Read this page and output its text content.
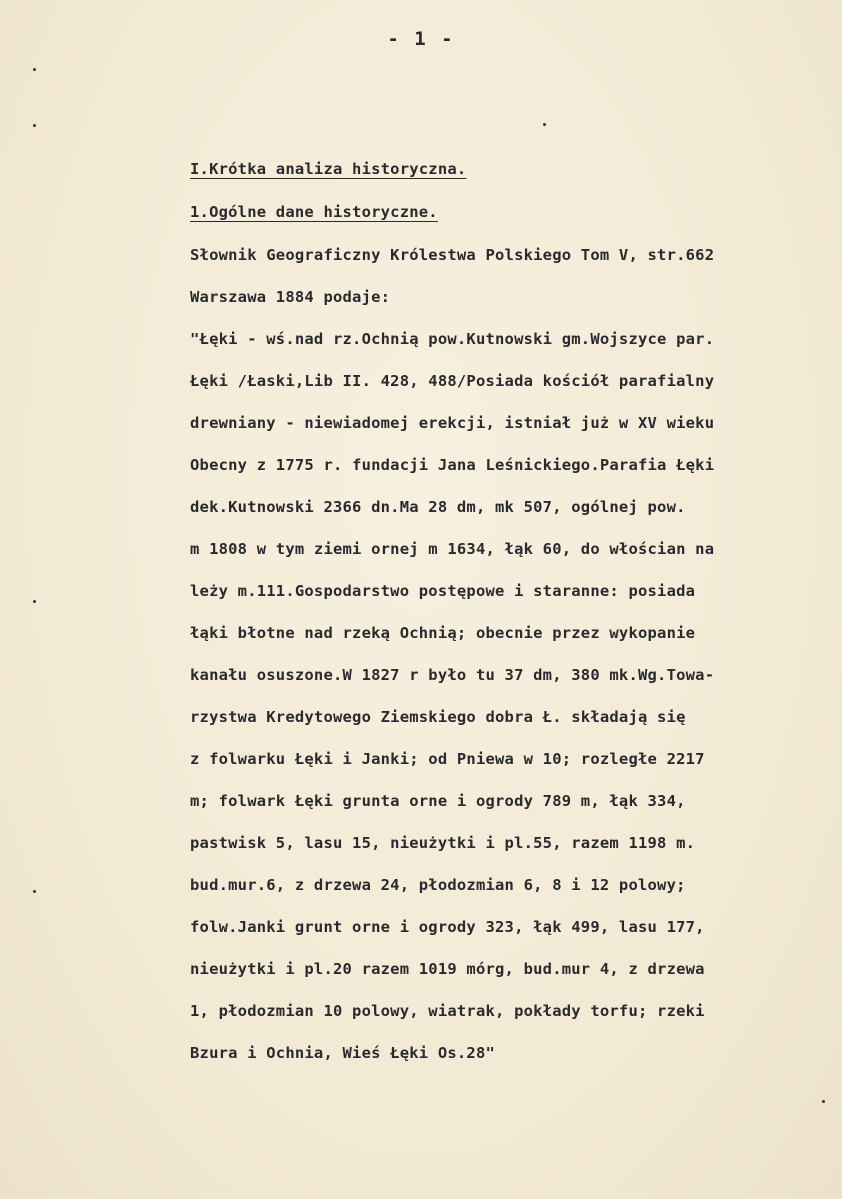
- 1 -
I.Krótka analiza historyczna.
1.Ogólne dane historyczne.
Słownik Geograficzny Królestwa Polskiego Tom V, str.662
Warszawa 1884 podaje:
"Łęki - wś.nad rz.Ochnią pow.Kutnowski gm.Wojszyce par.
Łęki /Łaski,Lib II. 428, 488/Posiada kościół parafialny
drewniany - niewiadomej erekcji, istniał już w XV wieku
Obecny z 1775 r. fundacji Jana Leśnickiego.Parafia Łęki
dek.Kutnowski 2366 dn.Ma 28 dm, mk 507, ogólnej pow.
m 1808 w tym ziemi ornej m 1634, łąk 60, do włościan na
leży m.111.Gospodarstwo postępowe i staranne: posiada
łąki błotne nad rzeką Ochnią; obecnie przez wykopanie
kanału osuszone.W 1827 r było tu 37 dm, 380 mk.Wg.Towa-
rzystwa Kredytowego Ziemskiego dobra Ł. składają się
z folwarku Łęki i Janki; od Pniewa w 10; rozległe 2217
m; folwark Łęki grunta orne i ogrody 789 m, łąk 334,
pastwisk 5, lasu 15, nieużytki i pl.55, razem 1198 m.
bud.mur.6, z drzewa 24, płodozmian 6, 8 i 12 polowy;
folw.Janki grunt orne i ogrody 323, łąk 499, lasu 177,
nieużytki i pl.20 razem 1019 mórg, bud.mur 4, z drzewa
1, płodozmian 10 polowy, wiatrak, pokłady torfu; rzeki
Bzura i Ochnia, Wieś Łęki Os.28"
